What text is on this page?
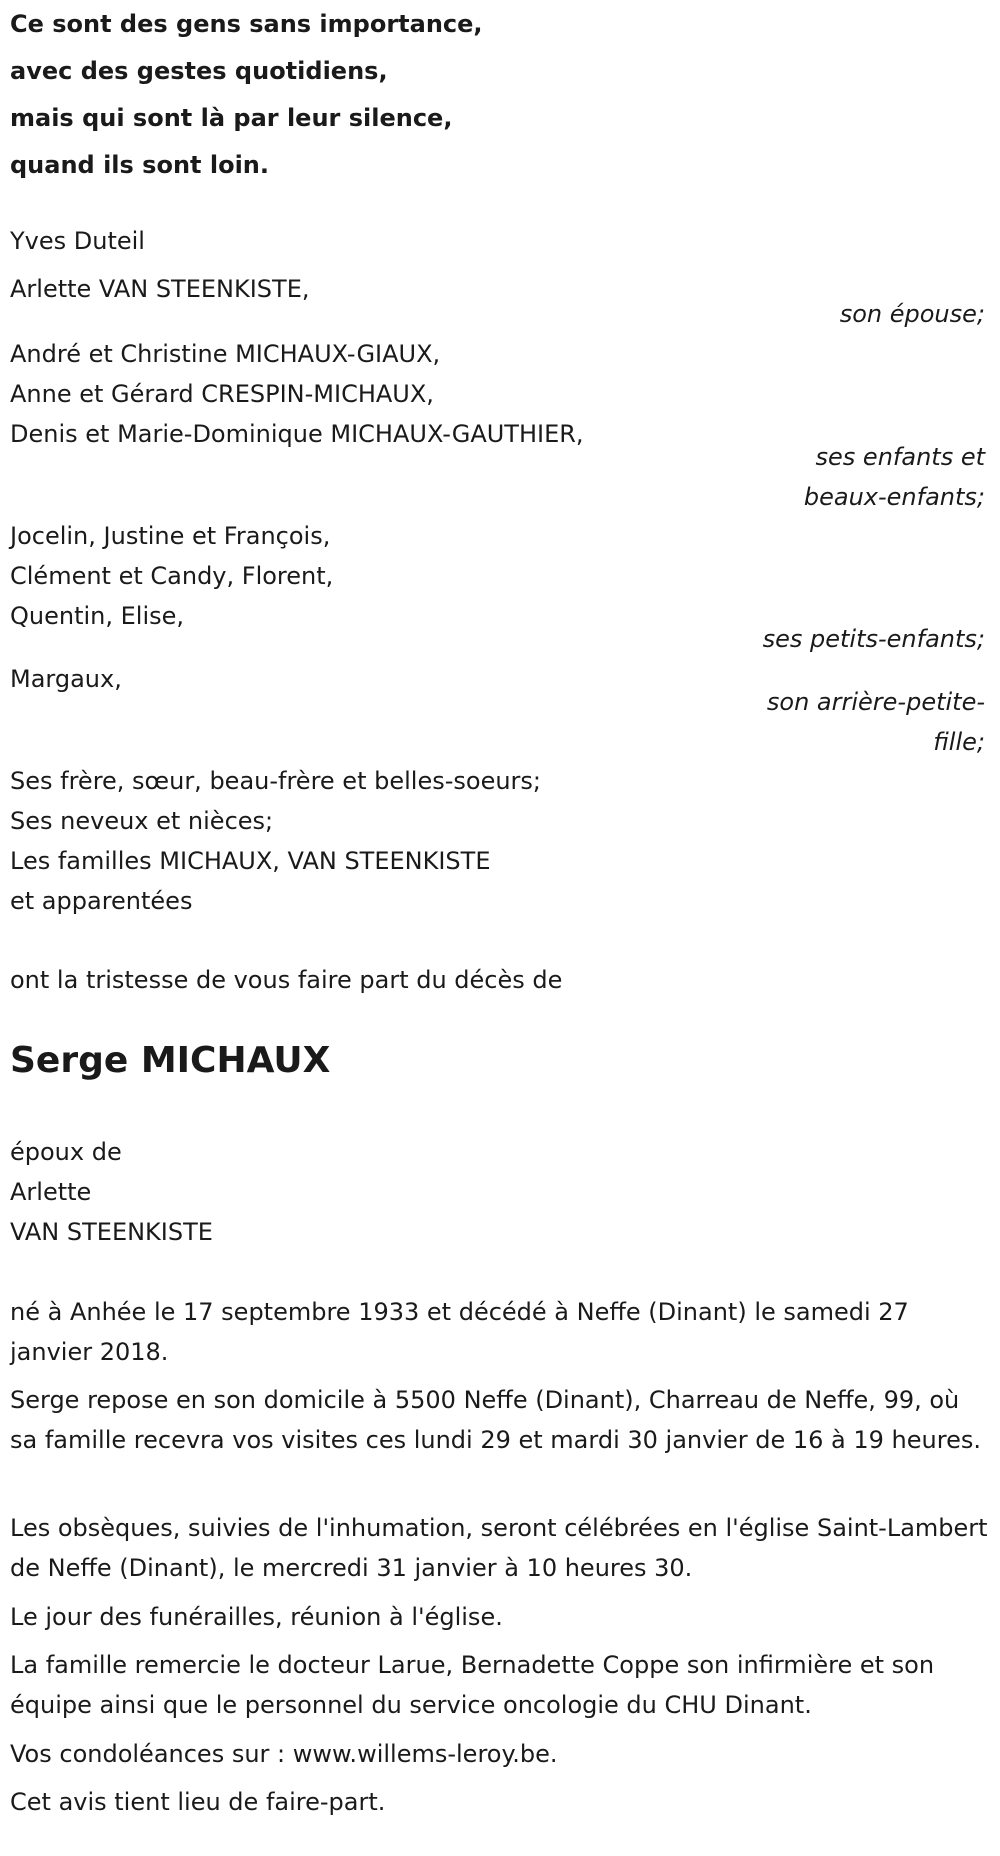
Ce sont des gens sans importance,
avec des gestes quotidiens,
mais qui sont là par leur silence,
quand ils sont loin.
Yves Duteil
Arlette VAN STEENKISTE,
son épouse;
André et Christine MICHAUX-GIAUX,
Anne et Gérard CRESPIN-MICHAUX,
Denis et Marie-Dominique MICHAUX-GAUTHIER,
ses enfants et
beaux-enfants;
Jocelin, Justine et François,
Clément et Candy, Florent,
Quentin, Elise,
ses petits-enfants;
Margaux,
son arrière-petite-
fille;
Ses frère, sœur, beau-frère et belles-soeurs;
Ses neveux et nièces;
Les familles MICHAUX, VAN STEENKISTE
et apparentées
ont la tristesse de vous faire part du décès de
Serge MICHAUX
époux de
Arlette
VAN STEENKISTE
né à Anhée le 17 septembre 1933 et décédé à Neffe (Dinant) le samedi 27 janvier 2018.
Serge repose en son domicile à 5500 Neffe (Dinant), Charreau de Neffe, 99, où sa famille recevra vos visites ces lundi 29 et mardi 30 janvier de 16 à 19 heures.
Les obsèques, suivies de l'inhumation, seront célébrées en l'église Saint-Lambert de Neffe (Dinant), le mercredi 31 janvier à 10 heures 30.
Le jour des funérailles, réunion à l'église.
La famille remercie le docteur Larue, Bernadette Coppe son infirmière et son équipe ainsi que le personnel du service oncologie du CHU Dinant.
Vos condoléances sur : www.willems-leroy.be.
Cet avis tient lieu de faire-part.
